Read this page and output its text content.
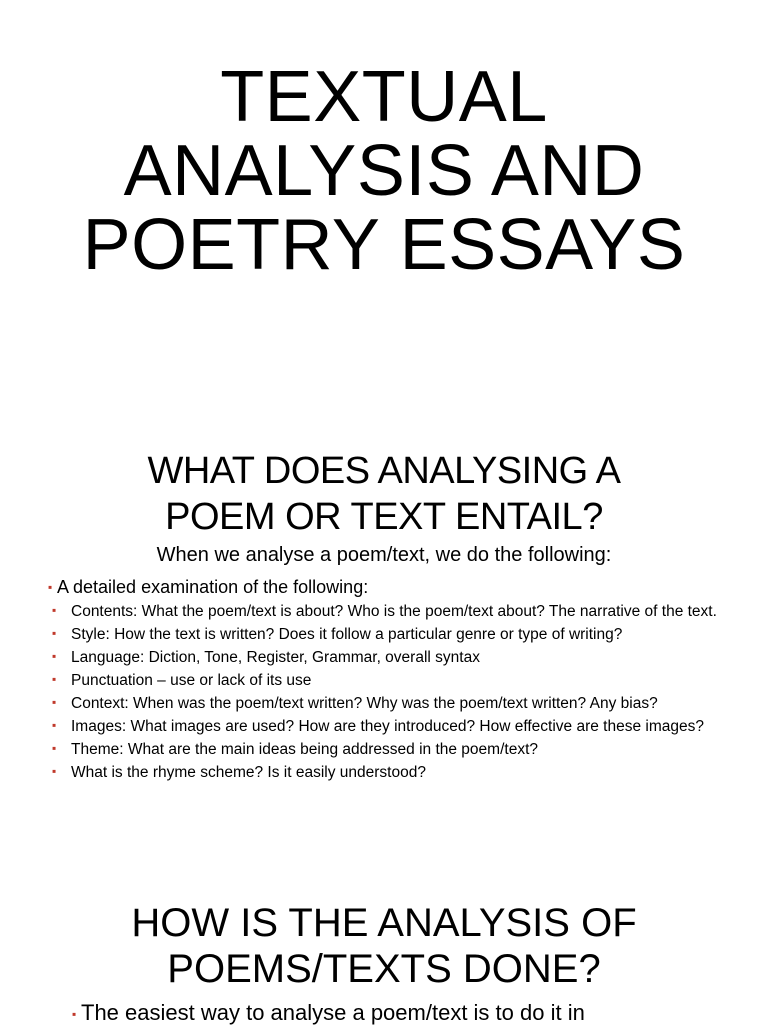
TEXTUAL
ANALYSIS AND
POETRY ESSAYS
WHAT DOES ANALYSING A
POEM OR TEXT ENTAIL?
When we analyse a poem/text, we do the following:
▪ A detailed examination of the following:
▪ Contents: What the poem/text is about? Who is the poem/text about? The narrative of the text.
▪ Style: How the text is written? Does it follow a particular genre or type of writing?
▪ Language: Diction, Tone, Register, Grammar, overall syntax
▪ Punctuation – use or lack of its use
▪ Context: When was the poem/text written? Why was the poem/text written? Any bias?
▪ Images: What images are used? How are they introduced? How effective are these images?
▪ Theme: What are the main ideas being addressed in the poem/text?
▪ What is the rhyme scheme? Is it easily understood?
HOW IS THE ANALYSIS OF
POEMS/TEXTS DONE?
▪ The easiest way to analyse a poem/text is to do it in
